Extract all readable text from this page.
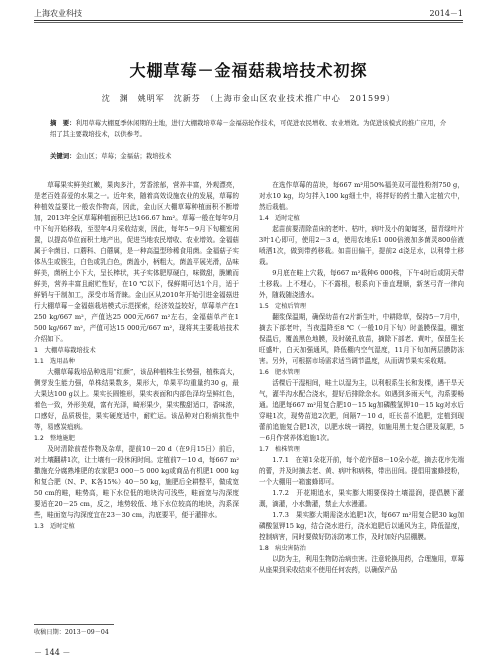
上海农业科技	2014－1
大棚草莓－金福菇栽培技术初探
沈　渊　姚明军　沈新芬　（上海市金山区农业技术推广中心　201599）
摘　要：利用草莓大棚夏季休闲期的土地，进行大棚栽培草莓－金福菇轮作技术，可促进农民增收、农业增效。为促进该模式的推广应用，介绍了其主要栽培技术，以供参考。
关键词：金山区；草莓；金福菇；栽培技术

草莓果实鲜美红嫩，果肉多汁，芳香浓郁，营养丰富，外观漂亮，是老百姓喜爱的水果之一。近年来，随着高效设施农业的发展，草莓的种植效益要比一般农作物高，因此，金山区大棚草莓种植面积不断增加，2013年全区草莓种植面积已达166.67 hm²。草莓一般在每年9月中下旬开始移栽，至翌年4月采收结束，因此，每年5－9月下旬棚室闲置，以提高单位面积土地产出，促进当地农民增收、农业增效。金福菇属于伞菌目、口蘑科、白蘑属，是一种高温型珍稀食用菌。金福菇子实体丛生或簇生，白色或乳白色，菌盖小，柄粗大，菌盖平展光滑，品味鲜美，菌柄上小下大，呈长棒状，其子实体肥厚硬白，味微甜，脆嫩而鲜美，营养丰富且耐贮性好，在10 ℃以下，保鲜期可达1个月，适于鲜销与干制加工，深受市场青睐。金山区从2010年开始引进金福菇进行大棚草莓－金福菇栽培模式示范探索，经济效益较好，草莓单产在1 250 kg/667 m²，产值达25 000元/667 m²左右，金福菇单产在1 500 kg/667 m²，产值可达15 000元/667 m²，现将其主要栽培技术介绍如下。

1　大棚草莓栽培技术
1.1　选用品种

大棚草莓栽培品种选用“红颜”，该品种植株生长势强，植株高大，侧芽发生能力强，单株结果数多，果形大，单果平均重量约30 g，最大果达100 g以上。果实长圆锥形，果实表面和内部色泽均呈鲜红色，着色一致，外形美观，富有光泽，畸形果少，果实酸甜适口，香味浓，口感好，品质极佳，果实硬度适中，耐贮运。该品种对白粉病抗性中等，易感炭疽病。

1.2　整地施肥

及时清除前茬作物及杂草，提前10－20 d（在9月15日）前后，对土壤翻耕1次，让土壤有一段休闲时间。定植前7－10 d，每667 m²撒施充分腐熟堆肥的农家肥3 000－5 000 kg或商品有机肥1 000 kg和复合肥（N、P、K各15%）40－50 kg，施肥后全耕整平，做成宽50 cm的畦，畦势高，畦下水位低的地块沟可浅些，畦面宽与沟深度要适在20－25 cm，反之，地势较低、地下水位较高的地块，沟系深些，畦面宽与沟深度宜在23－30 cm，沟底要平，便于灌排水。

1.3　适时定植

在选作草莓的苗块，每667 m²用50%福美双可湿性粉剂750 g，对水10 kg，均匀拌入100 kg细土中，将拌好的药土撒入定植穴中，然后栽植。

1.4　适时定植

起苗前要清除苗床的老叶、枯叶，病叶及小的匍匐茎，留青绿叶片3叶1心即可，使用2－3 d，使用农地乐1 000倍液加多菌灵800倍液喷洒1次，做到带药移栽。如苗田偏干，提前2 d浇足水，以利带土移栽。

9月底在畦上穴栽，每667 m²栽种6 000株，下午4时后或阴天带土移栽。上不埋心，下不露根，根系向下垂直理顺，新茎弓背一律向外，随栽随浇透水。

1.5　定植后管理

翻浆保温期，确保幼苗有2片新生叶，中耕除草，保持5－7月中，摘去下部老叶，当夜温降至8 ℃（一般10月下旬）时盖膜保温，棚室保温后，覆盖黑色地膜，及时破孔放苗，摘除下部老、黄叶，保留生长旺盛叶，白天加强通风，降低棚内空气湿度，11月下旬加两层膜防冻害。另外，可根据市场需求适当调节温度，从而调节果实采收期。

1.6　肥水管理

活棵后干湿相间，畦土以湿为主，以利根系生长和发棵，遇干旱天气，灌半沟水配合浇水，提好后排除余水。如遇到多雨天气，沟系要畅通。追肥每667 m²用复合肥10－15 kg加磷酸氢钾10－15 kg对水后穿畦1次，现势苗追2次肥，间隔7－10 d，旺长苗不追肥，定植到现蕾前追施复合肥1次，以肥水统一调控，如施用黑土复合肥及氮肥，5－6月作营养体追施1次。

1.7　植株管理

1.7.1　在第1朵花开前，每个花序留8－10朵小花，摘去花序先端的蕾，并及时摘去老、黄、病叶和病株，带出田间。提倡用蜜蜂授粉，一个大棚用一箱蜜蜂即可。

1.7.2　开花期追水，果实膨大期要保持土壤湿润，提倡膜下灌溉，滴灌，小水勤灌，禁止大水漫灌。

1.7.3　果实膨大期需浇水追肥1次，每667 m²用复合肥30 kg加磷酸氢钾15 kg，结合浇水进行，浇水追肥后以通风为主，降低湿度，控制病害，同时要做好防冻防寒工作，及时加好内层棚膜。

1.8　病虫害防治

以防为主，利用生物防治病虫害。注意轮换用药，合理施用，草莓从座果到采收结束不使用任何农药，以确保产品

收稿日期：2013－09－04
－ 144 －
